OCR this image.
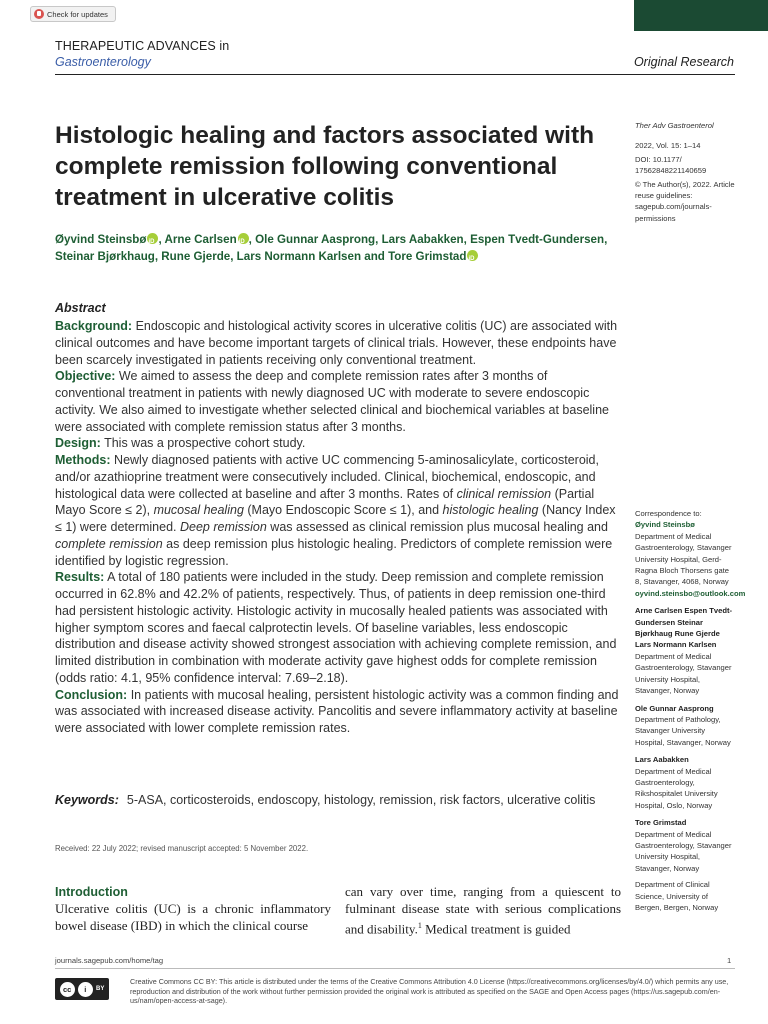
Check for updates
THERAPEUTIC ADVANCES in
Gastroenterology	Original Research
Histologic healing and factors associated with complete remission following conventional treatment in ulcerative colitis
Øyvind Steinsbø iD , Arne Carlsen iD , Ole Gunnar Aasprong, Lars Aabakken, Espen Tvedt-Gundersen, Steinar Bjørkhaug, Rune Gjerde, Lars Normann Karlsen and Tore GrimstadiD

Ther Adv Gastroenterol

2022, Vol. 15: 1–14

DOI: 10.1177/ 17562848221140659

© The Author(s), 2022. Article reuse guidelines: sagepub.com/journals-permissions

Correspondence to:

Øyvind Steinsbø

Department of Medical Gastroenterology, Stavanger University Hospital, Gerd-Ragna Bloch Thorsens gate 8, Stavanger, 4068, Norway

oyvind.steinsbo@outlook.com

Arne Carlsen Espen Tvedt-Gundersen Steinar Bjørkhaug Rune Gjerde Lars Normann Karlsen

Department of Medical Gastroenterology, Stavanger University Hospital, Stavanger, Norway

Ole Gunnar Aasprong

Department of Pathology, Stavanger University Hospital, Stavanger, Norway

Lars Aabakken

Department of Medical Gastroenterology, Rikshospitalet University Hospital, Oslo, Norway

Tore Grimstad

Department of Medical Gastroenterology, Stavanger University Hospital, Stavanger, Norway

Department of Clinical Science, University of Bergen, Bergen, Norway

Abstract

Background: Endoscopic and histological activity scores in ulcerative colitis (UC) are associated with clinical outcomes and have become important targets of clinical trials. However, these endpoints have been scarcely investigated in patients receiving only conventional treatment.

Objective: We aimed to assess the deep and complete remission rates after 3 months of conventional treatment in patients with newly diagnosed UC with moderate to severe endoscopic activity. We also aimed to investigate whether selected clinical and biochemical variables at baseline were associated with complete remission status after 3 months.

Design: This was a prospective cohort study.

Methods: Newly diagnosed patients with active UC commencing 5-aminosalicylate, corticosteroid, and/or azathioprine treatment were consecutively included. Clinical, biochemical, endoscopic, and histological data were collected at baseline and after 3 months. Rates of clinical remission (Partial Mayo Score ≤ 2), mucosal healing (Mayo Endoscopic Score ≤ 1), and histologic healing (Nancy Index ≤ 1) were determined. Deep remission was assessed as clinical remission plus mucosal healing and complete remission as deep remission plus histologic healing. Predictors of complete remission were identified by logistic regression.

Results: A total of 180 patients were included in the study. Deep remission and complete remission occurred in 62.8% and 42.2% of patients, respectively. Thus, of patients in deep remission one-third had persistent histologic activity. Histologic activity in mucosally healed patients was associated with higher symptom scores and faecal calprotectin levels. Of baseline variables, less endoscopic distribution and disease activity showed strongest association with achieving complete remission, and limited distribution in combination with moderate activity gave highest odds for complete remission (odds ratio: 4.1, 95% confidence interval: 7.69–2.18).

Conclusion: In patients with mucosal healing, persistent histologic activity was a common finding and was associated with increased disease activity. Pancolitis and severe inflammatory activity at baseline were associated with lower complete remission rates.

Keywords: 5-ASA, corticosteroids, endoscopy, histology, remission, risk factors, ulcerative colitis
Received: 22 July 2022; revised manuscript accepted: 5 November 2022.
Introduction
Ulcerative colitis (UC) is a chronic inflammatory bowel disease (IBD) in which the clinical course
can vary over time, ranging from a quiescent to fulminant disease state with serious complications and disability.$^1$ Medical treatment is guided
journals.sagepub.com/home/tag	1
cc	i	BY
Creative Commons CC BY: This article is distributed under the terms of the Creative Commons Attribution 4.0 License (https://creativecommons.org/licenses/by/4.0/) which permits any use, reproduction and distribution of the work without further permission provided the original work is attributed as specified on the SAGE and Open Access pages (https://us.sagepub.com/en-us/nam/open-access-at-sage).
